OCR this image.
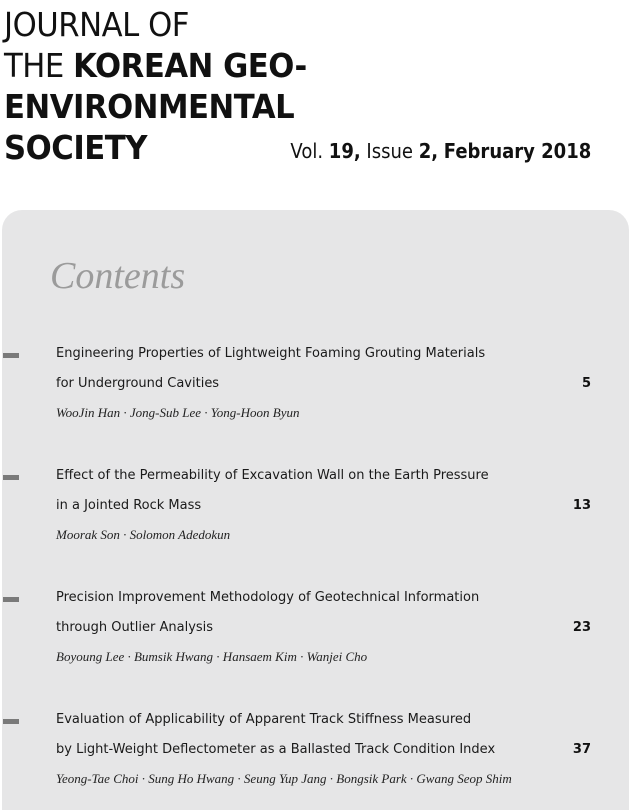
JOURNAL OF
THE KOREAN GEO-ENVIRONMENTAL
SOCIETY	Vol. 19, Issue 2, February 2018
Contents
Engineering Properties of Lightweight Foaming Grouting Materials
for Underground Cavities
WooJin Han · Jong-Sub Lee · Yong-Hoon Byun
5
Effect of the Permeability of Excavation Wall on the Earth Pressure
in a Jointed Rock Mass
Moorak Son · Solomon Adedokun
13
Precision Improvement Methodology of Geotechnical Information
through Outlier Analysis
Boyoung Lee · Bumsik Hwang · Hansaem Kim · Wanjei Cho
23
Evaluation of Applicability of Apparent Track Stiffness Measured
by Light-Weight Deflectometer as a Ballasted Track Condition Index
Yeong-Tae Choi · Sung Ho Hwang · Seung Yup Jang · Bongsik Park · Gwang Seop Shim
37
